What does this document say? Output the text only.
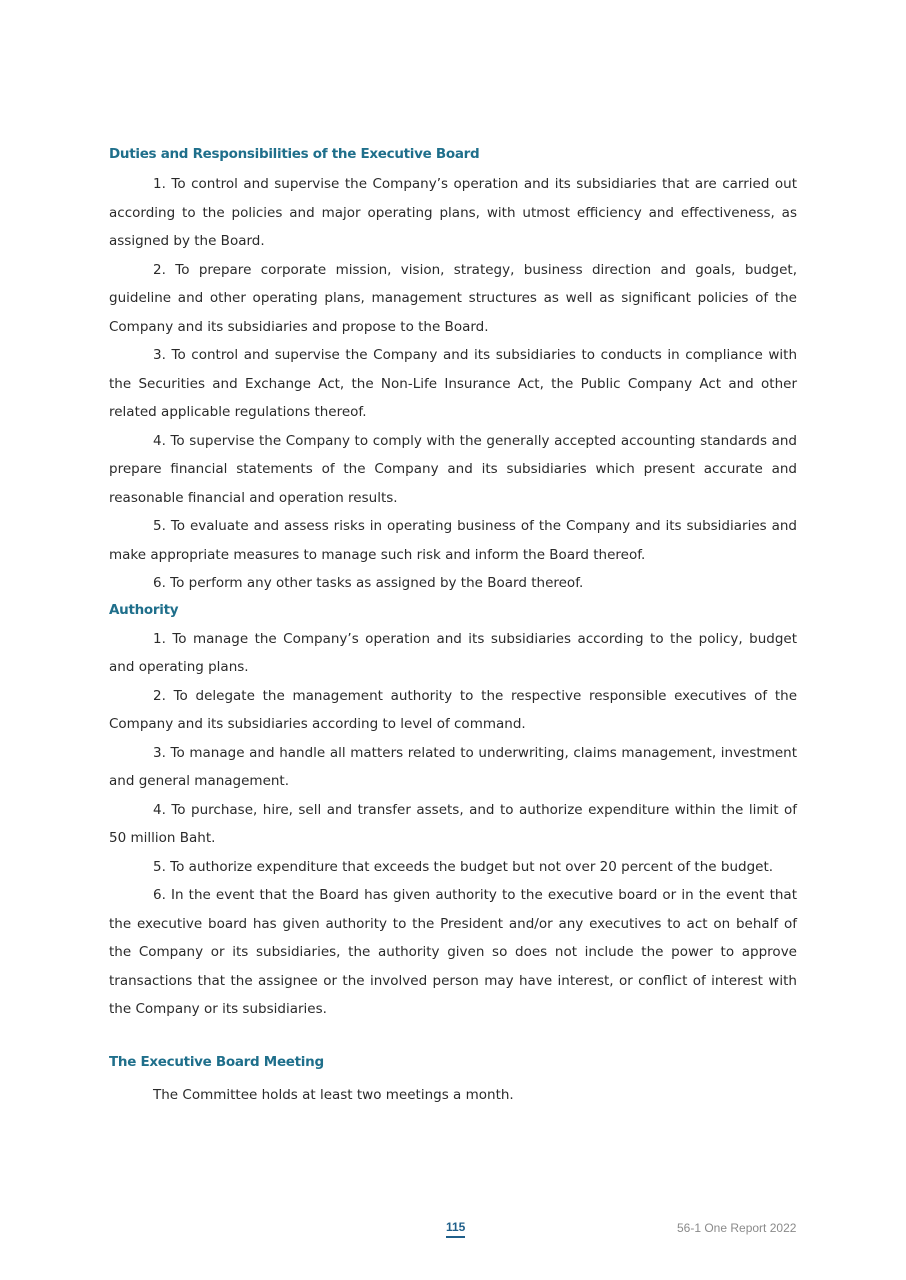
Duties and Responsibilities of the Executive Board

1. To control and supervise the Company’s operation and its subsidiaries that are carried out according to the policies and major operating plans, with utmost efficiency and effectiveness, as assigned by the Board.

2. To prepare corporate mission, vision, strategy, business direction and goals, budget, guideline and other operating plans, management structures as well as significant policies of the Company and its subsidiaries and propose to the Board.

3. To control and supervise the Company and its subsidiaries to conducts in compliance with the Securities and Exchange Act, the Non-Life Insurance Act, the Public Company Act and other related applicable regulations thereof.

4. To supervise the Company to comply with the generally accepted accounting standards and prepare financial statements of the Company and its subsidiaries which present accurate and reasonable financial and operation results.

5. To evaluate and assess risks in operating business of the Company and its subsidiaries and make appropriate measures to manage such risk and inform the Board thereof.

6. To perform any other tasks as assigned by the Board thereof.

Authority

1. To manage the Company’s operation and its subsidiaries according to the policy, budget and operating plans.

2. To delegate the management authority to the respective responsible executives of the Company and its subsidiaries according to level of command.

3. To manage and handle all matters related to underwriting, claims management, investment and general management.

4. To purchase, hire, sell and transfer assets, and to authorize expenditure within the limit of 50 million Baht.

5. To authorize expenditure that exceeds the budget but not over 20 percent of the budget.

6. In the event that the Board has given authority to the executive board or in the event that the executive board has given authority to the President and/or any executives to act on behalf of the Company or its subsidiaries, the authority given so does not include the power to approve transactions that the assignee or the involved person may have interest, or conflict of interest with the Company or its subsidiaries.

The Executive Board Meeting

The Committee holds at least two meetings a month.

115	56-1 One Report 2022
